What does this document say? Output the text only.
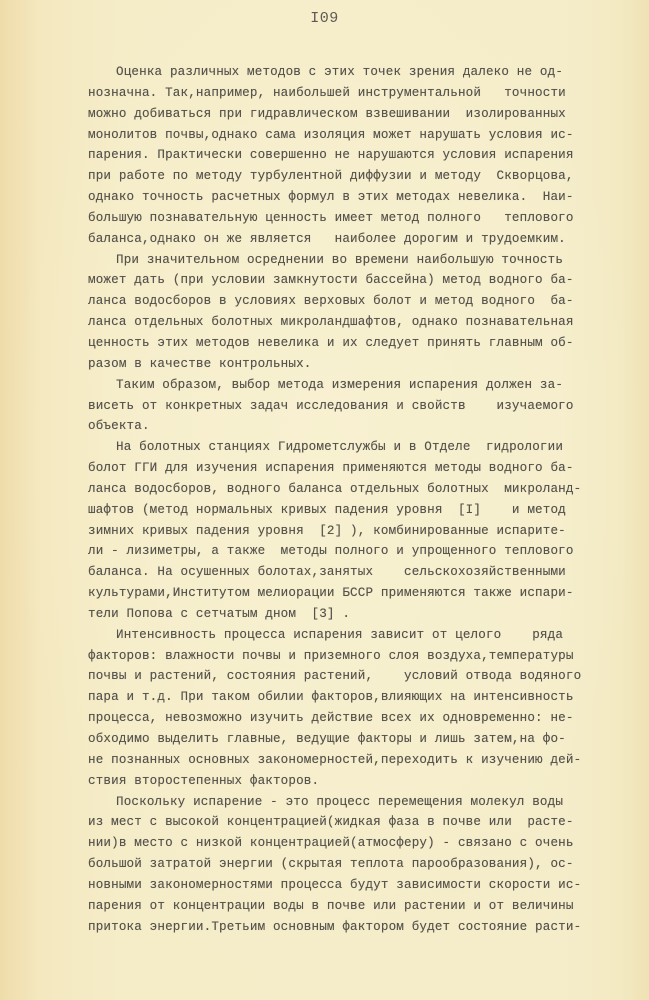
I09
Оценка различных методов с этих точек зрения далеко не од-
нозначна. Так,например, наибольшей инструментальной   точности
можно добиваться при гидравлическом взвешивании  изолированных
монолитов почвы,однако сама изоляция может нарушать условия ис-
парения. Практически совершенно не нарушаются условия испарения
при работе по методу турбулентной диффузии и методу  Скворцова,
однако точность расчетных формул в этих методах невелика.  Наи-
большую познавательную ценность имеет метод полного   теплового
баланса,однако он же является   наиболее дорогим и трудоемким.
При значительном осреднении во времени наибольшую точность
может дать (при условии замкнутости бассейна) метод водного ба-
ланса водосборов в условиях верховых болот и метод водного  ба-
ланса отдельных болотных микроландшафтов, однако познавательная
ценность этих методов невелика и их следует принять главным об-
разом в качестве контрольных.
Таким образом, выбор метода измерения испарения должен за-
висеть от конкретных задач исследования и свойств    изучаемого
объекта.
На болотных станциях Гидрометслужбы и в Отделе  гидрологии
болот ГГИ для изучения испарения применяются методы водного ба-
ланса водосборов, водного баланса отдельных болотных  микроланд-
шафтов (метод нормальных кривых падения уровня  [I]    и метод
зимних кривых падения уровня  [2] ), комбинированные испарите-
ли - лизиметры, а также  методы полного и упрощенного теплового
баланса. На осушенных болотах,занятых    сельскохозяйственными
культурами,Институтом мелиорации БССР применяются также испари-
тели Попова с сетчатым дном  [3] .
Интенсивность процесса испарения зависит от целого    ряда
факторов: влажности почвы и приземного слоя воздуха,температуры
почвы и растений, состояния растений,    условий отвода водяного
пара и т.д. При таком обилии факторов,влияющих на интенсивность
процесса, невозможно изучить действие всех их одновременно: не-
обходимо выделить главные, ведущие факторы и лишь затем,на фо-
не познанных основных закономерностей,переходить к изучению дей-
ствия второстепенных факторов.
Поскольку испарение - это процесс перемещения молекул воды
из мест с высокой концентрацией(жидкая фаза в почве или  расте-
нии)в место с низкой концентрацией(атмосферу) - связано с очень
большой затратой энергии (скрытая теплота парообразования), ос-
новными закономерностями процесса будут зависимости скорости ис-
парения от концентрации воды в почве или растении и от величины
притока энергии.Третьим основным фактором будет состояние расти-
